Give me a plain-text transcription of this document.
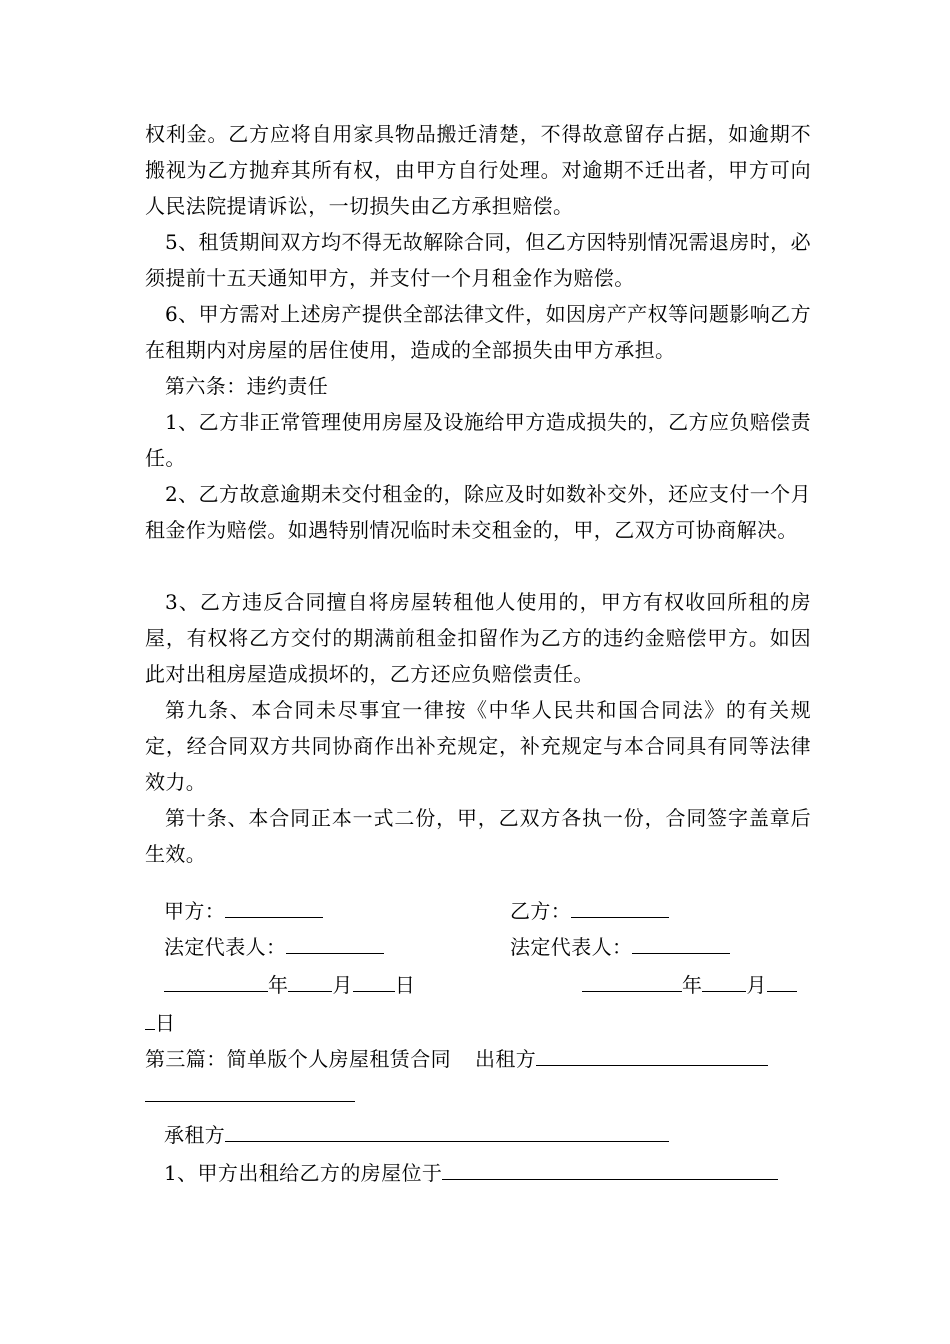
权利金。乙方应将自用家具物品搬迁清楚，不得故意留存占据，如逾期不搬视为乙方抛弃其所有权，由甲方自行处理。对逾期不迁出者，甲方可向人民法院提请诉讼，一切损失由乙方承担赔偿。

5、租赁期间双方均不得无故解除合同，但乙方因特别情况需退房时，必须提前十五天通知甲方，并支付一个月租金作为赔偿。

6、甲方需对上述房产提供全部法律文件，如因房产产权等问题影响乙方在租期内对房屋的居住使用，造成的全部损失由甲方承担。

第六条：违约责任

1、乙方非正常管理使用房屋及设施给甲方造成损失的，乙方应负赔偿责任。

2、乙方故意逾期未交付租金的，除应及时如数补交外，还应支付一个月租金作为赔偿。如遇特别情况临时未交租金的，甲，乙双方可协商解决。

3、乙方违反合同擅自将房屋转租他人使用的，甲方有权收回所租的房屋，有权将乙方交付的期满前租金扣留作为乙方的违约金赔偿甲方。如因此对出租房屋造成损坏的，乙方还应负赔偿责任。

第九条、本合同未尽事宜一律按《中华人民共和国合同法》的有关规定，经合同双方共同协商作出补充规定，补充规定与本合同具有同等法律效力。

第十条、本合同正本一式二份，甲，乙双方各执一份，合同签字盖章后生效。

甲方：	乙方：
法定代表人：	法定代表人：
年 月 日	年 月
日
第三篇：简单版个人房屋租赁合同 出租方
承租方
1、甲方出租给乙方的房屋位于
